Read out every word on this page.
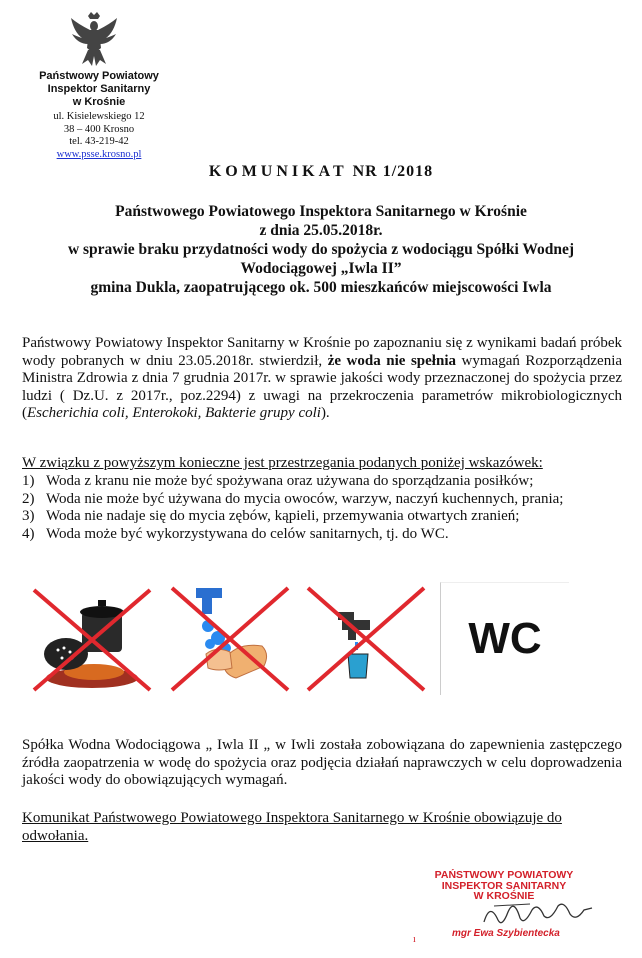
Państwowy Powiatowy
Inspektor Sanitarny
w Krośnie
ul. Kisielewskiego 12
38 – 400 Krosno
tel. 43-219-42
www.psse.krosno.pl
KOMUNIKAT NR 1/2018
Państwowego Powiatowego Inspektora Sanitarnego w Krośnie
z dnia 25.05.2018r.
w sprawie braku przydatności wody do spożycia z wodociągu Spółki Wodnej
Wodociągowej „Iwla II”
gmina Dukla, zaopatrującego ok. 500 mieszkańców miejscowości Iwla
Państwowy Powiatowy Inspektor Sanitarny w Krośnie po zapoznaniu się z wynikami badań próbek wody pobranych w dniu 23.05.2018r. stwierdził, że woda nie spełnia wymagań Rozporządzenia Ministra Zdrowia z dnia 7 grudnia 2017r. w sprawie jakości wody przeznaczonej do spożycia przez ludzi ( Dz.U. z 2017r., poz.2294) z uwagi na przekroczenia parametrów mikrobiologicznych (Escherichia coli, Enterokoki, Bakterie grupy coli).
W związku z powyższym konieczne jest przestrzegania podanych poniżej wskazówek:
1) Woda z kranu nie może być spożywana oraz używana do sporządzania posiłków;
2) Woda nie może być używana do mycia owoców, warzyw, naczyń kuchennych, prania;
3) Woda nie nadaje się do mycia zębów, kąpieli, przemywania otwartych zranień;
4) Woda może być wykorzystywana do celów sanitarnych, tj. do WC.
WC
Spółka Wodna Wodociągowa „ Iwla II „ w Iwli została zobowiązana do zapewnienia zastępczego źródła zaopatrzenia w wodę do spożycia oraz podjęcia działań naprawczych w celu doprowadzenia jakości wody do obowiązujących wymagań.
Komunikat Państwowego Powiatowego Inspektora Sanitarnego w Krośnie obowiązuje do odwołania.
PAŃSTWOWY POWIATOWY
INSPEKTOR SANITARNY
W KROŚNIE
ı
mgr Ewa Szybientecka
